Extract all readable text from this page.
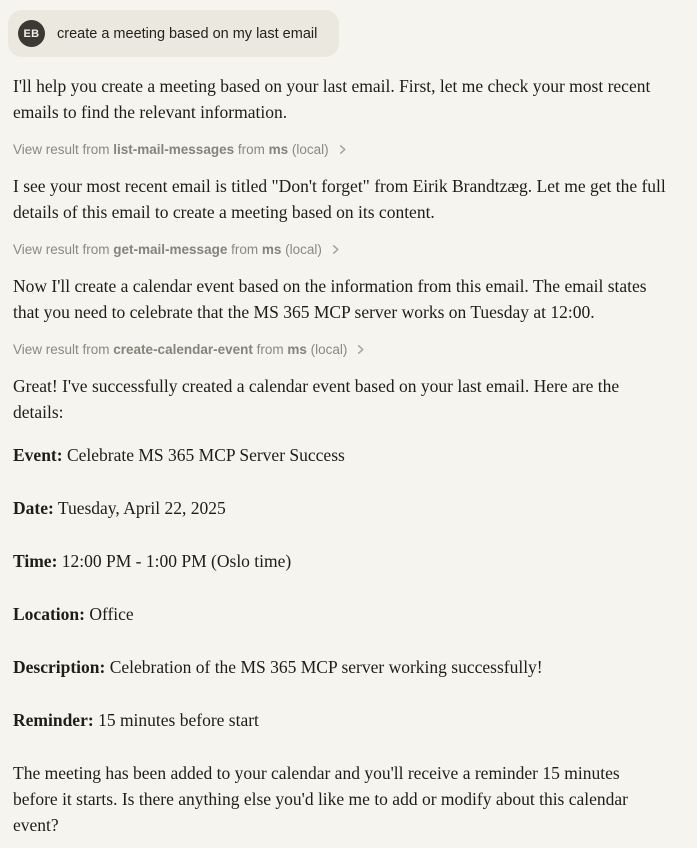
EB	create a meeting based on my last email

I'll help you create a meeting based on your last email. First, let me check your most recent emails to find the relevant information.

View result from list-mail-messages from ms (local)

I see your most recent email is titled "Don't forget" from Eirik Brandtzæg. Let me get the full details of this email to create a meeting based on its content.

View result from get-mail-message from ms (local)

Now I'll create a calendar event based on the information from this email. The email states that you need to celebrate that the MS 365 MCP server works on Tuesday at 12:00.

View result from create-calendar-event from ms (local)

Great! I've successfully created a calendar event based on your last email. Here are the details:

Event: Celebrate MS 365 MCP Server Success

Date: Tuesday, April 22, 2025

Time: 12:00 PM - 1:00 PM (Oslo time)

Location: Office

Description: Celebration of the MS 365 MCP server working successfully!

Reminder: 15 minutes before start

The meeting has been added to your calendar and you'll receive a reminder 15 minutes before it starts. Is there anything else you'd like me to add or modify about this calendar event?
